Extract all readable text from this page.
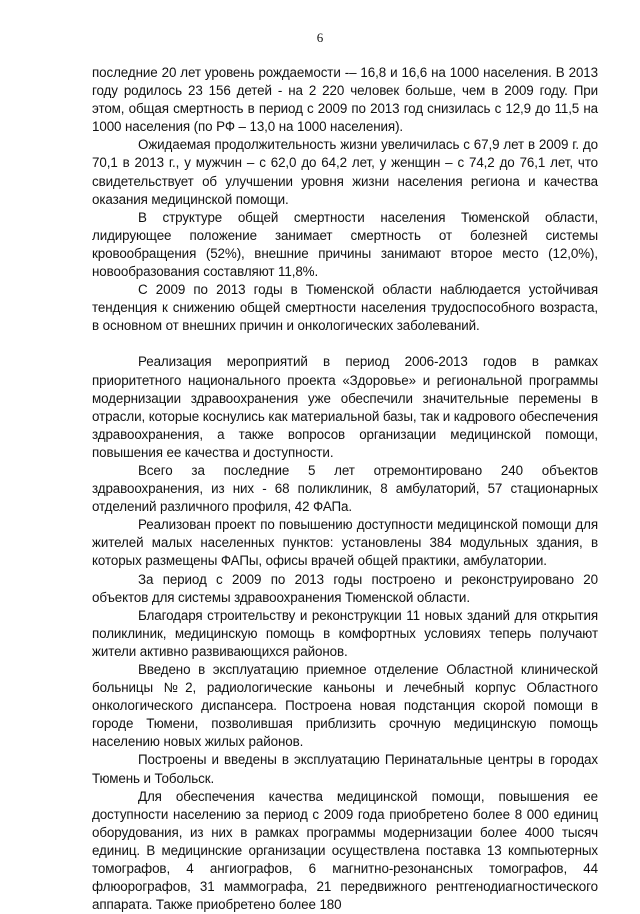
6

последние 20 лет уровень рождаемости -– 16,8 и 16,6 на 1000 населения. В 2013 году родилось 23 156 детей - на 2 220 человек больше, чем в 2009 году. При этом, общая смертность в период с 2009 по 2013 год снизилась с 12,9 до 11,5 на 1000 населения (по РФ – 13,0 на 1000 населения).

Ожидаемая продолжительность жизни увеличилась с 67,9 лет в 2009 г. до 70,1 в 2013 г., у мужчин – с 62,0 до 64,2 лет, у женщин – с 74,2 до 76,1 лет, что свидетельствует об улучшении уровня жизни населения региона и качества оказания медицинской помощи.

В структуре общей смертности населения Тюменской области, лидирующее положение занимает смертность от болезней системы кровообращения (52%), внешние причины занимают второе место (12,0%), новообразования составляют 11,8%.

С 2009 по 2013 годы в Тюменской области наблюдается устойчивая тенденция к снижению общей смертности населения трудоспособного возраста, в основном от внешних причин и онкологических заболеваний.

Реализация мероприятий в период 2006-2013 годов в рамках приоритетного национального проекта «Здоровье» и региональной программы модернизации здравоохранения уже обеспечили значительные перемены в отрасли, которые коснулись как материальной базы, так и кадрового обеспечения здравоохранения, а также вопросов организации медицинской помощи, повышения ее качества и доступности.

Всего за последние 5 лет отремонтировано 240 объектов здравоохранения, из них - 68 поликлиник, 8 амбулаторий, 57 стационарных отделений различного профиля, 42 ФАПа.

Реализован проект по повышению доступности медицинской помощи для жителей малых населенных пунктов: установлены 384 модульных здания, в которых размещены ФАПы, офисы врачей общей практики, амбулатории.

За период с 2009 по 2013 годы построено и реконструировано 20 объектов для системы здравоохранения Тюменской области.

Благодаря строительству и реконструкции 11 новых зданий для открытия поликлиник, медицинскую помощь в комфортных условиях теперь получают жители активно развивающихся районов.

Введено в эксплуатацию приемное отделение Областной клинической больницы №2, радиологические каньоны и лечебный корпус Областного онкологического диспансера. Построена новая подстанция скорой помощи в городе Тюмени, позволившая приблизить срочную медицинскую помощь населению новых жилых районов.

Построены и введены в эксплуатацию Перинатальные центры в городах Тюмень и Тобольск.

Для обеспечения качества медицинской помощи, повышения ее доступности населению за период с 2009 года приобретено более 8 000 единиц оборудования, из них в рамках программы модернизации более 4000 тысяч единиц. В медицинские организации осуществлена поставка 13 компьютерных томографов, 4 ангиографов, 6 магнитно-резонансных томографов, 44 флюорографов, 31 маммографа, 21 передвижного рентгенодиагностического аппарата. Также приобретено более 180
